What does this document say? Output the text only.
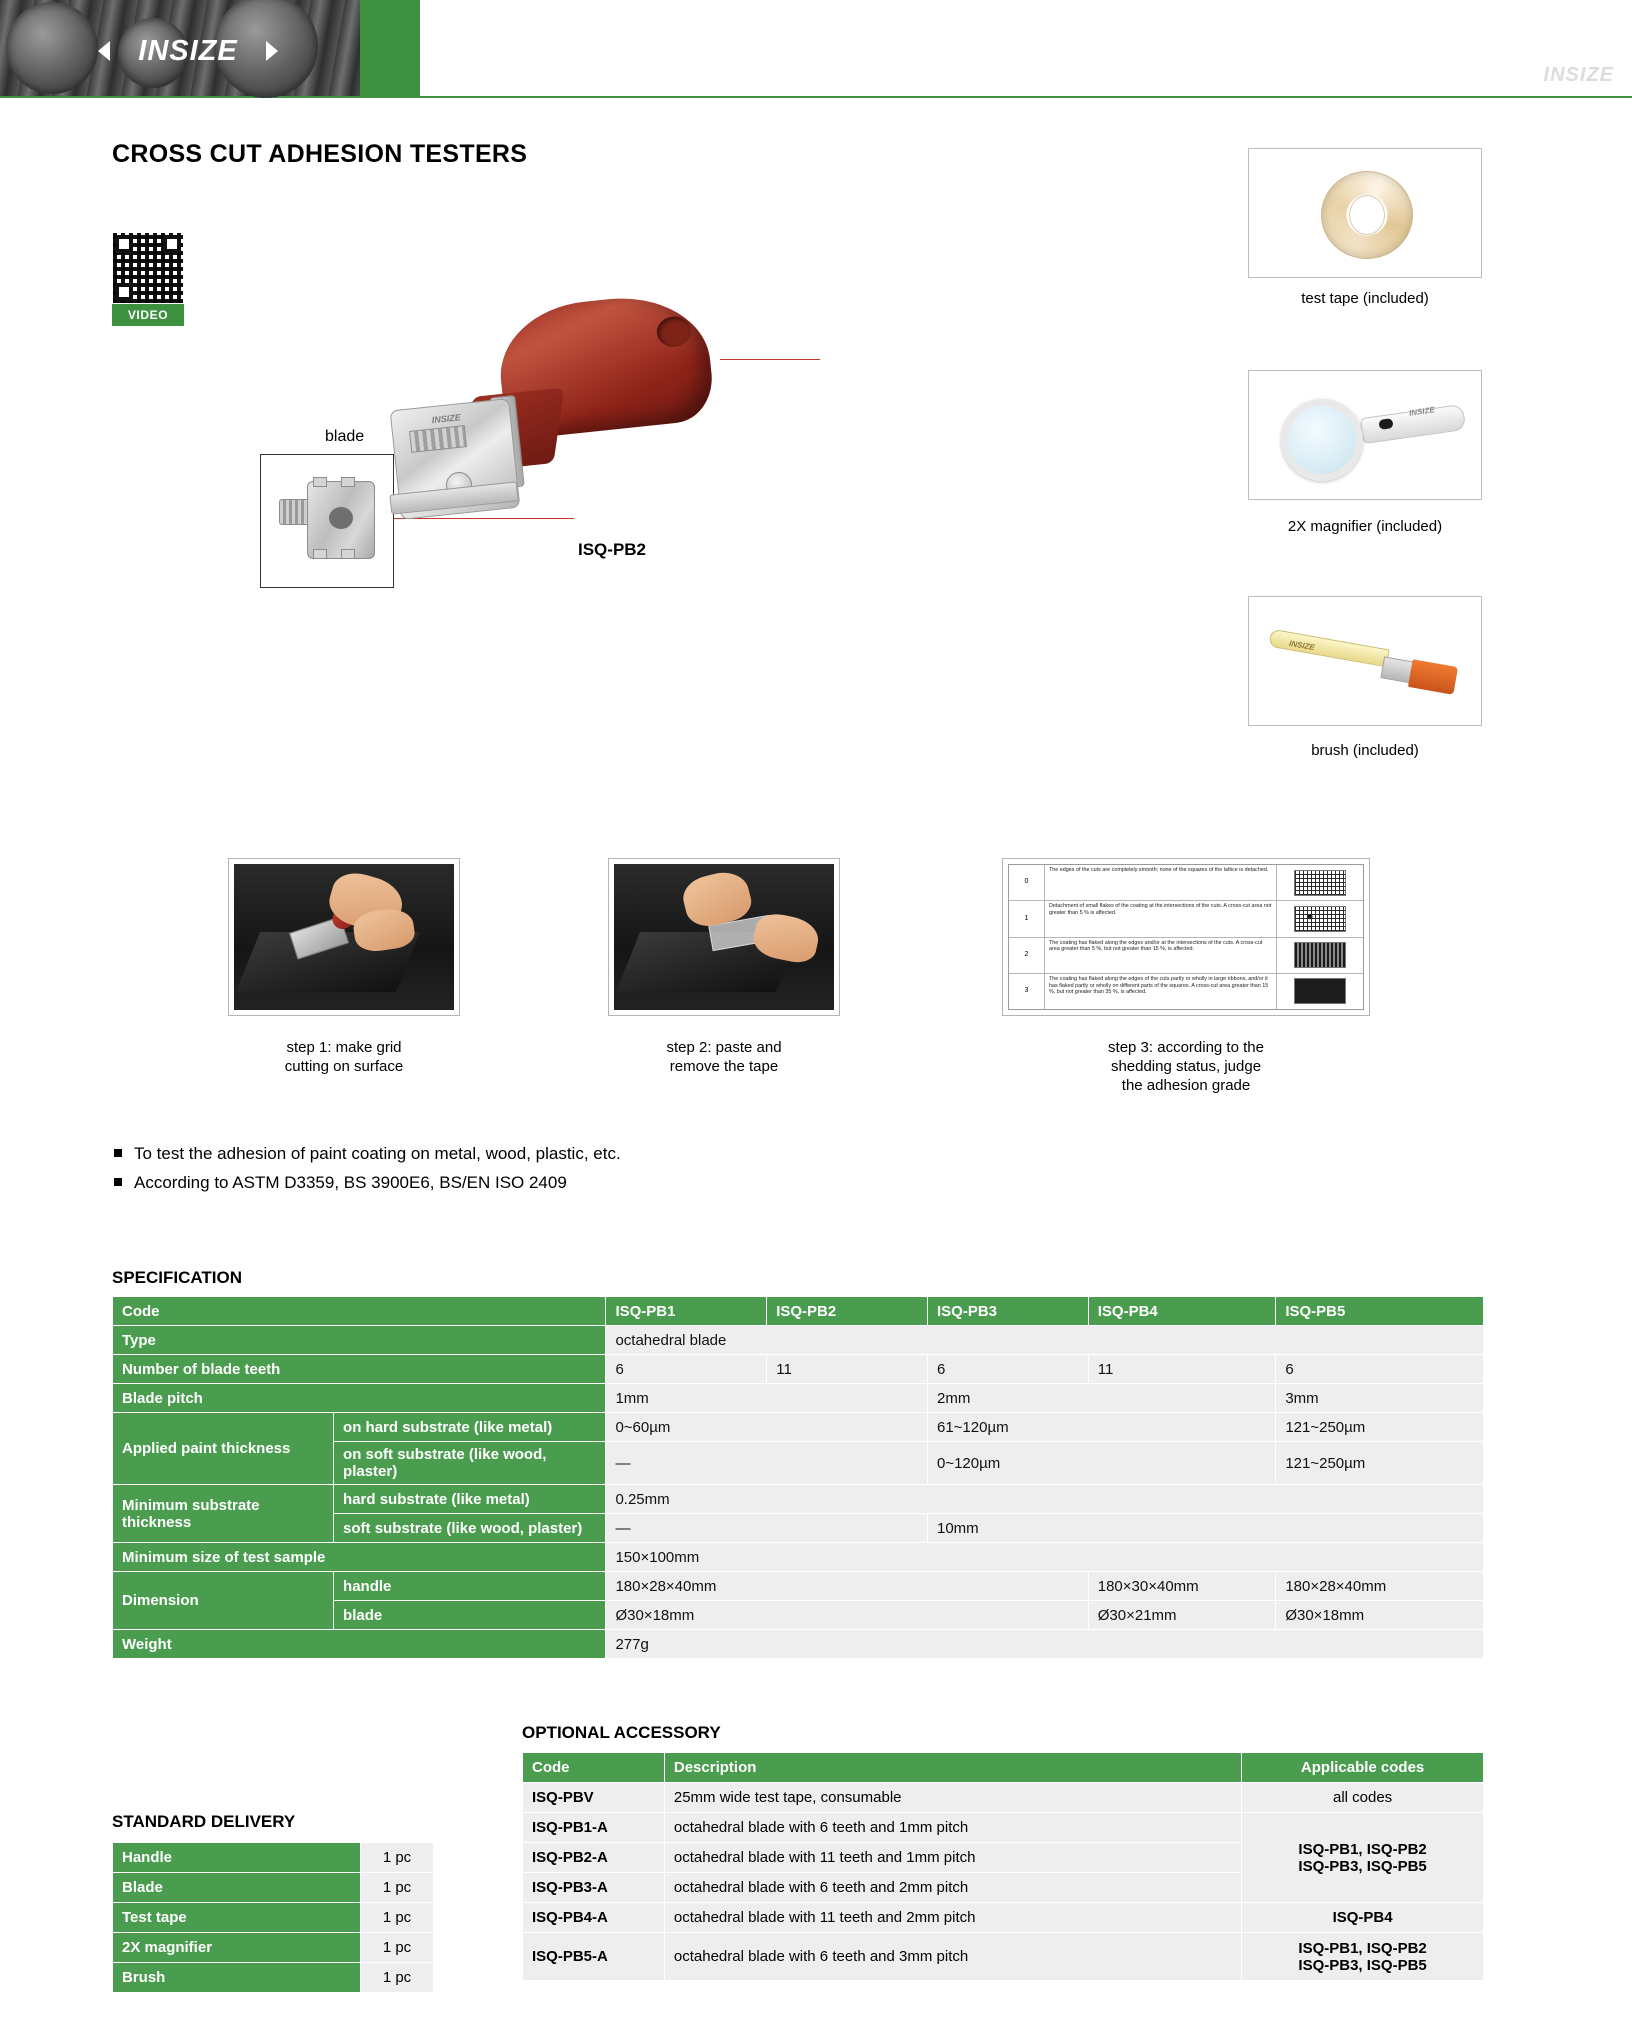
INSIZE
INSIZE
CROSS CUT ADHESION TESTERS
VIDEO
blade
INSIZE
ISQ-PB2
test tape (included)
INSIZE
2X magnifier (included)
INSIZE
brush (included)
step 1: make grid
cutting on surface
step 2: paste and
remove the tape
0
The edges of the cuts are completely smooth; none of the squares of the lattice is detached.
1
Detachment of small flakes of the coating at the intersections of the cuts. A cross-cut area not greater than 5 % is affected.
2
The coating has flaked along the edges and/or at the intersections of the cuts. A cross-cut area greater than 5 %, but not greater than 15 %, is affected.
3
The coating has flaked along the edges of the cuts partly or wholly in large ribbons, and/or it has flaked partly or wholly on different parts of the squares. A cross-cut area greater than 15 %, but not greater than 35 %, is affected.
step 3: according to the
shedding status, judge
the adhesion grade
To test the adhesion of paint coating on metal, wood, plastic, etc.
According to ASTM D3359, BS 3900E6, BS/EN ISO 2409
SPECIFICATION
Code		ISQ-PB1	ISQ-PB2	ISQ-PB3	ISQ-PB4	ISQ-PB5
Type		octahedral blade				
Number of blade teeth		6	11	6	11	6
Blade pitch		1mm		2mm		3mm
Applied paint thickness	on hard substrate (like metal)	0~60µm		61~120µm		121~250µm
	on soft substrate (like wood, plaster)	—		0~120µm		121~250µm
Minimum substrate thickness	hard substrate (like metal)	0.25mm				
	soft substrate (like wood, plaster)	—		10mm		
Minimum size of test sample		150×100mm				
Dimension	handle	180×28×40mm			180×30×40mm	180×28×40mm
	blade	Ø30×18mm			Ø30×21mm	Ø30×18mm
Weight		277g				
OPTIONAL ACCESSORY
Code	Description	Applicable codes
ISQ-PBV	25mm wide test tape, consumable	all codes
ISQ-PB1-A	octahedral blade with 6 teeth and 1mm pitch	ISQ-PB1, ISQ-PB2
ISQ-PB3, ISQ-PB5
ISQ-PB2-A	octahedral blade with 11 teeth and 1mm pitch	
ISQ-PB3-A	octahedral blade with 6 teeth and 2mm pitch	
ISQ-PB4-A	octahedral blade with 11 teeth and 2mm pitch	ISQ-PB4
ISQ-PB5-A	octahedral blade with 6 teeth and 3mm pitch	ISQ-PB1, ISQ-PB2
ISQ-PB3, ISQ-PB5
STANDARD DELIVERY
Handle	1 pc
Blade	1 pc
Test tape	1 pc
2X magnifier	1 pc
Brush	1 pc
